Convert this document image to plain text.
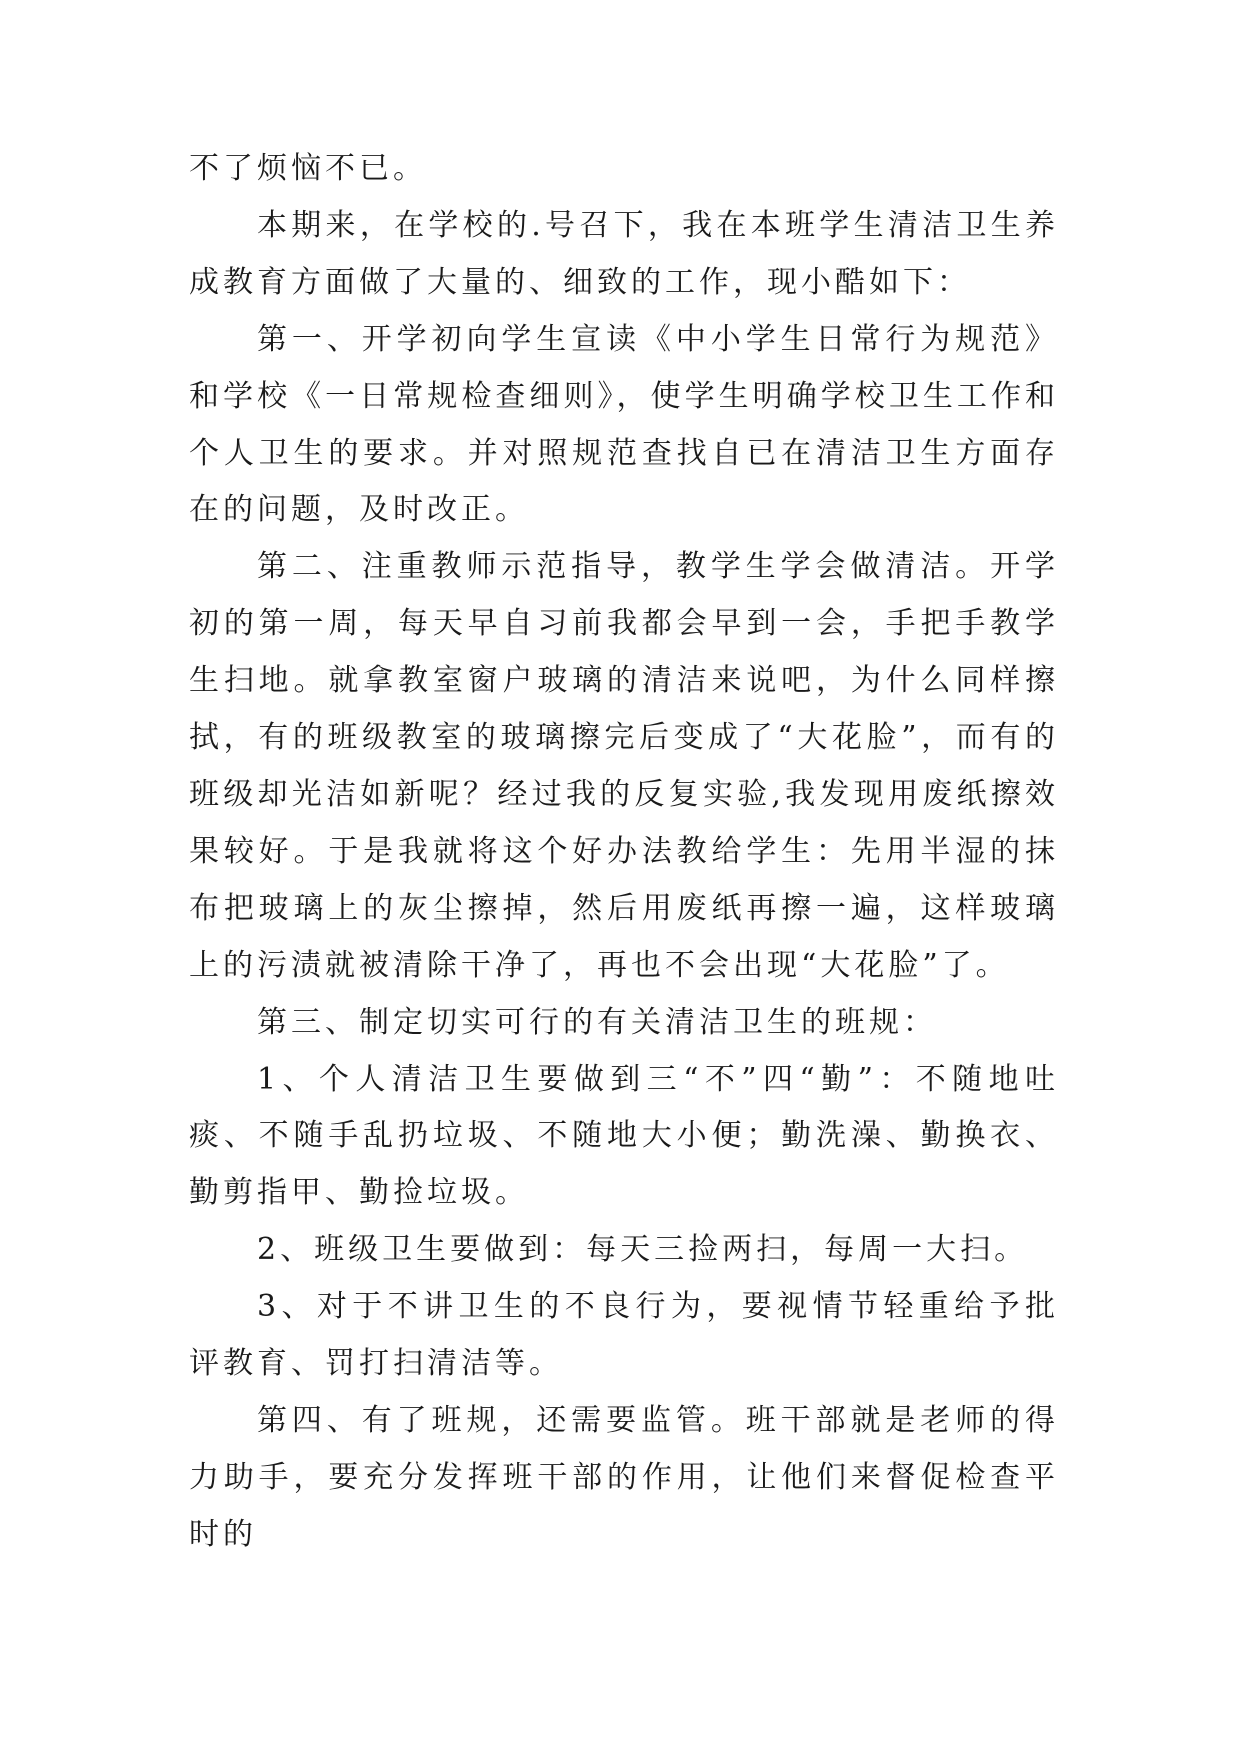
不了烦恼不已。

本期来，在学校的.号召下，我在本班学生清洁卫生养成教育方面做了大量的、细致的工作，现小酷如下：

第一、开学初向学生宣读《中小学生日常行为规范》和学校《一日常规检查细则》，使学生明确学校卫生工作和个人卫生的要求。并对照规范查找自已在清洁卫生方面存在的问题，及时改正。

第二、注重教师示范指导，教学生学会做清洁。开学初的第一周，每天早自习前我都会早到一会，手把手教学生扫地。就拿教室窗户玻璃的清洁来说吧，为什么同样擦拭，有的班级教室的玻璃擦完后变成了“大花脸”，而有的班级却光洁如新呢？经过我的反复实验,我发现用废纸擦效果较好。于是我就将这个好办法教给学生：先用半湿的抹布把玻璃上的灰尘擦掉，然后用废纸再擦一遍，这样玻璃上的污渍就被清除干净了，再也不会出现“大花脸”了。

第三、制定切实可行的有关清洁卫生的班规：

1、个人清洁卫生要做到三“不”四“勤”：不随地吐痰、不随手乱扔垃圾、不随地大小便；勤洗澡、勤换衣、勤剪指甲、勤捡垃圾。

2、班级卫生要做到：每天三捡两扫，每周一大扫。

3、对于不讲卫生的不良行为，要视情节轻重给予批评教育、罚打扫清洁等。

第四、有了班规，还需要监管。班干部就是老师的得力助手，要充分发挥班干部的作用，让他们来督促检查平时的
